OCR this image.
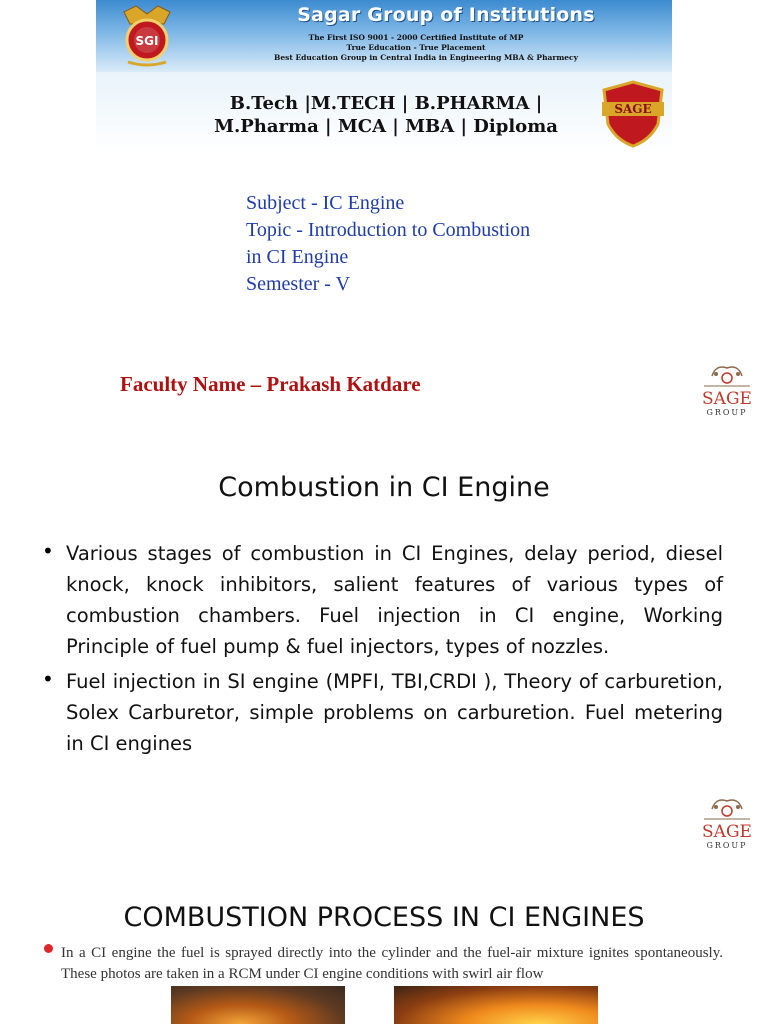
SGI
Sagar Group of Institutions
The First ISO 9001 - 2000 Certified Institute of MP
True Education - True Placement
Best Education Group in Central India in Engineering MBA & Pharmecy
B.Tech |M.TECH | B.PHARMA |
M.Pharma | MCA | MBA | Diploma
SAGE
Subject - IC Engine
Topic - Introduction to Combustion
in CI Engine
Semester - V
Faculty Name – Prakash Katdare
SAGE
GROUP
Combustion in CI Engine
• Various stages of combustion in CI Engines, delay period, diesel knock, knock inhibitors, salient features of various types of combustion chambers. Fuel injection in CI engine, Working Principle of fuel pump & fuel injectors, types of nozzles.
• Fuel injection in SI engine (MPFI, TBI,CRDI ), Theory of carburetion, Solex Carburetor, simple problems on carburetion. Fuel metering in CI engines
SAGE
GROUP
COMBUSTION PROCESS IN CI ENGINES
In a CI engine the fuel is sprayed directly into the cylinder and the fuel-air mixture ignites spontaneously. These photos are taken in a RCM under CI engine conditions with swirl air flow
